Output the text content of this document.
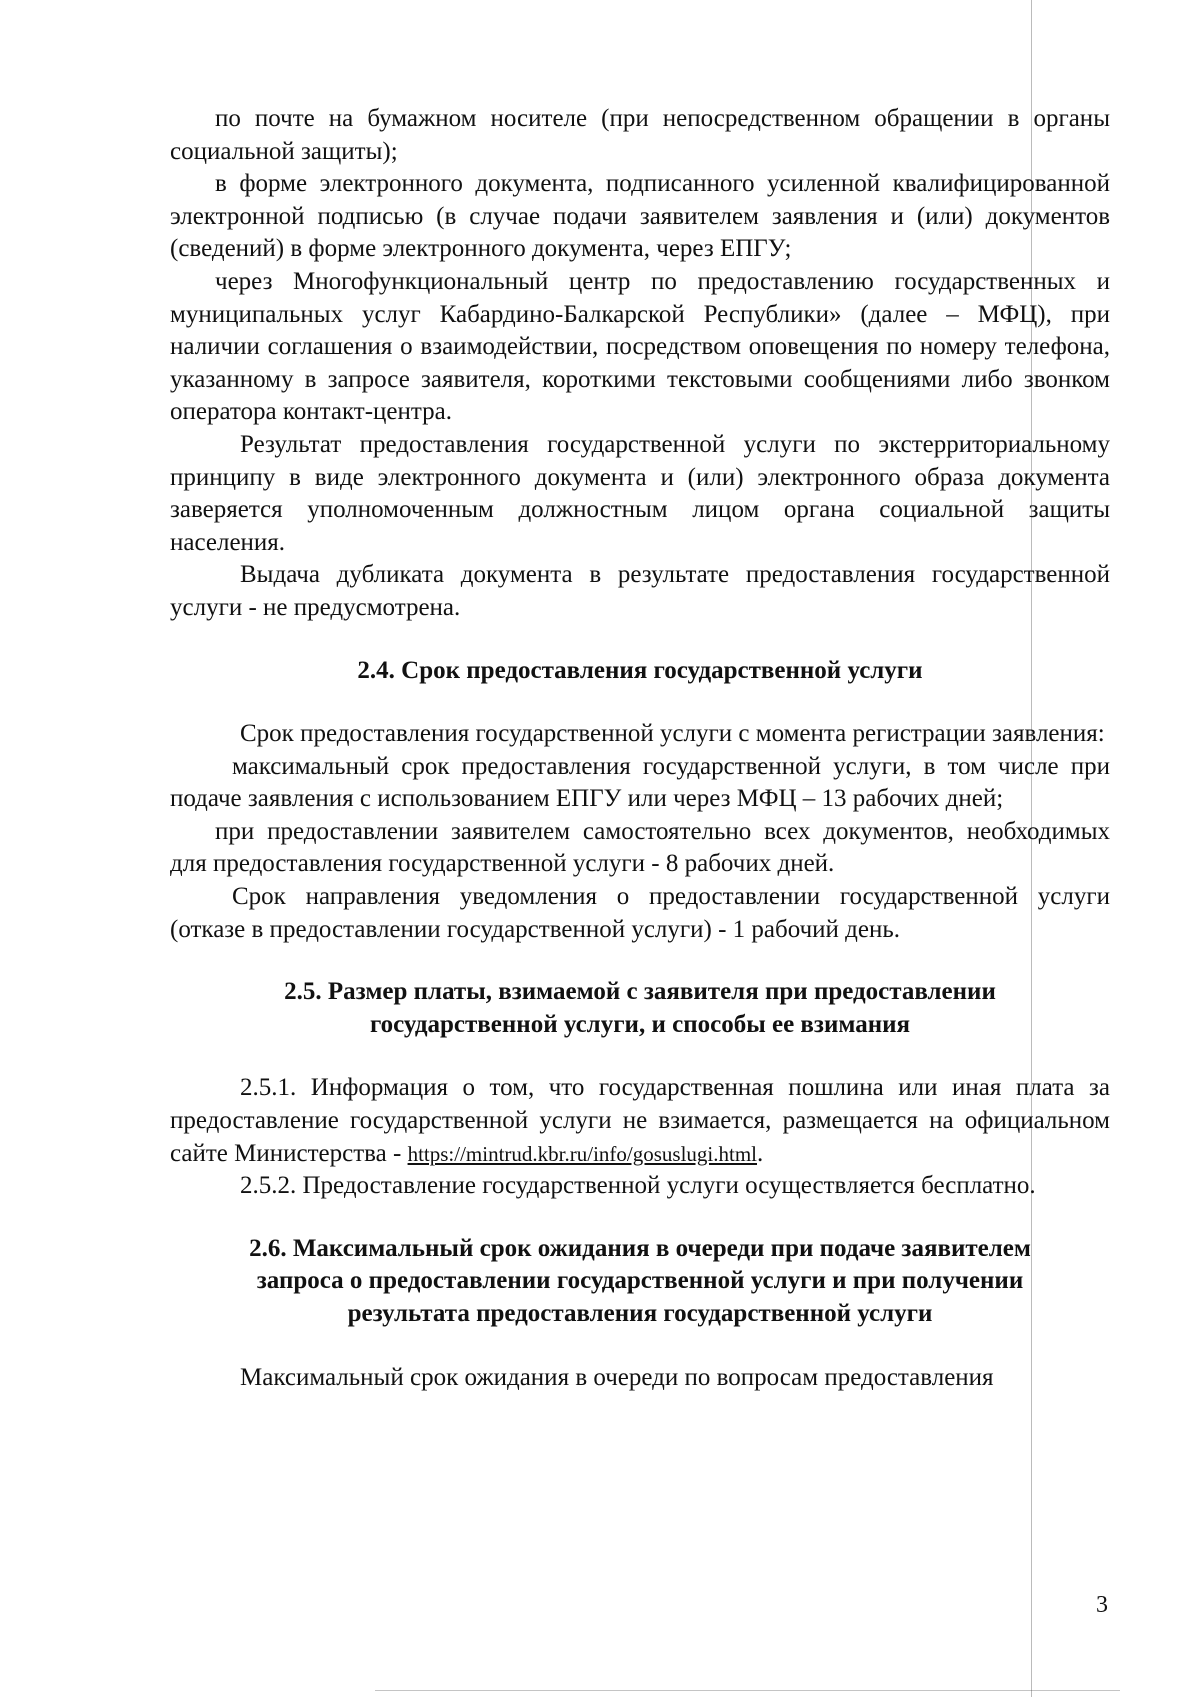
по почте на бумажном носителе (при непосредственном обращении в органы социальной защиты);

в форме электронного документа, подписанного усиленной квалифицированной электронной подписью (в случае подачи заявителем заявления и (или) документов (сведений) в форме электронного документа, через ЕПГУ;

через Многофункциональный центр по предоставлению государственных и муниципальных услуг Кабардино-Балкарской Республики» (далее – МФЦ), при наличии соглашения о взаимодействии, посредством оповещения по номеру телефона, указанному в запросе заявителя, короткими текстовыми сообщениями либо звонком оператора контакт-центра.

Результат предоставления государственной услуги по экстерриториальному принципу в виде электронного документа и (или) электронного образа документа заверяется уполномоченным должностным лицом органа социальной защиты населения.

Выдача дубликата документа в результате предоставления государственной услуги - не предусмотрена.

2.4. Срок предоставления государственной услуги

Срок предоставления государственной услуги с момента регистрации заявления:

максимальный срок предоставления государственной услуги, в том числе при подаче заявления с использованием ЕПГУ или через МФЦ – 13 рабочих дней;

при предоставлении заявителем самостоятельно всех документов, необходимых для предоставления государственной услуги - 8 рабочих дней.

Срок направления уведомления о предоставлении государственной услуги (отказе в предоставлении государственной услуги) - 1 рабочий день.

2.5. Размер платы, взимаемой с заявителя при предоставлении

государственной услуги, и способы ее взимания

2.5.1. Информация о том, что государственная пошлина или иная плата за предоставление государственной услуги не взимается, размещается на официальном сайте Министерства - https://mintrud.kbr.ru/info/gosuslugi.html.

2.5.2. Предоставление государственной услуги осуществляется бесплатно.

2.6. Максимальный срок ожидания в очереди при подаче заявителем

запроса о предоставлении государственной услуги и при получении

результата предоставления государственной услуги

Максимальный срок ожидания в очереди по вопросам предоставления

3
